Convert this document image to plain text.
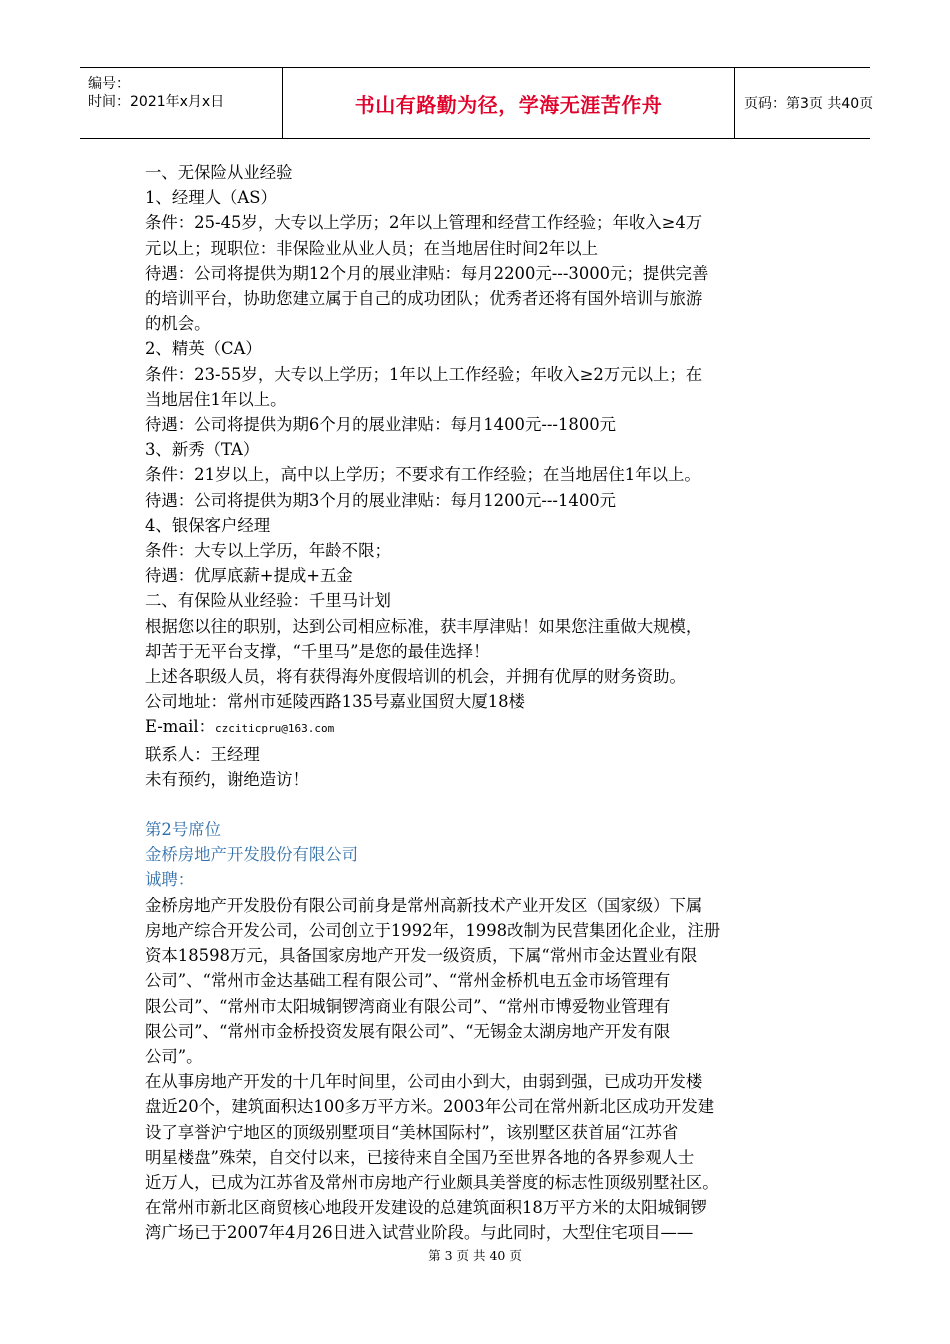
编号：
时间：2021年x月x日	书山有路勤为径，学海无涯苦作舟	页码：第3页 共40页

一、无保险从业经验

1、经理人（AS）

条件：25-45岁，大专以上学历；2年以上管理和经营工作经验；年收入≥4万

元以上；现职位：非保险业从业人员；在当地居住时间2年以上

待遇：公司将提供为期12个月的展业津贴：每月2200元---3000元；提供完善

的培训平台，协助您建立属于自己的成功团队；优秀者还将有国外培训与旅游

的机会。

2、精英（CA）

条件：23-55岁，大专以上学历；1年以上工作经验；年收入≥2万元以上；在

当地居住1年以上。

待遇：公司将提供为期6个月的展业津贴：每月1400元---1800元

3、新秀（TA）

条件：21岁以上，高中以上学历；不要求有工作经验；在当地居住1年以上。

待遇：公司将提供为期3个月的展业津贴：每月1200元---1400元

4、银保客户经理

条件：大专以上学历，年龄不限；

待遇：优厚底薪+提成+五金

二、有保险从业经验：千里马计划

根据您以往的职别，达到公司相应标准，获丰厚津贴！如果您注重做大规模，

却苦于无平台支撑，“千里马”是您的最佳选择！

上述各职级人员，将有获得海外度假培训的机会，并拥有优厚的财务资助。

公司地址：常州市延陵西路135号嘉业国贸大厦18楼

E-mail：czciticpru@163.com

联系人：王经理

未有预约，谢绝造访！

第2号席位

金桥房地产开发股份有限公司

诚聘：

金桥房地产开发股份有限公司前身是常州高新技术产业开发区（国家级）下属

房地产综合开发公司，公司创立于1992年，1998改制为民营集团化企业，注册

资本18598万元，具备国家房地产开发一级资质，下属“常州市金达置业有限

公司”、“常州市金达基础工程有限公司”、“常州金桥机电五金市场管理有

限公司”、“常州市太阳城铜锣湾商业有限公司”、“常州市博爱物业管理有

限公司”、“常州市金桥投资发展有限公司”、“无锡金太湖房地产开发有限

公司”。

在从事房地产开发的十几年时间里，公司由小到大，由弱到强，已成功开发楼

盘近20个，建筑面积达100多万平方米。2003年公司在常州新北区成功开发建

设了享誉沪宁地区的顶级别墅项目“美林国际村”，该别墅区获首届“江苏省

明星楼盘”殊荣，自交付以来，已接待来自全国乃至世界各地的各界参观人士

近万人，已成为江苏省及常州市房地产行业颇具美誉度的标志性顶级别墅社区。

在常州市新北区商贸核心地段开发建设的总建筑面积18万平方米的太阳城铜锣

湾广场已于2007年4月26日进入试营业阶段。与此同时，大型住宅项目——

第 3 页 共 40 页
